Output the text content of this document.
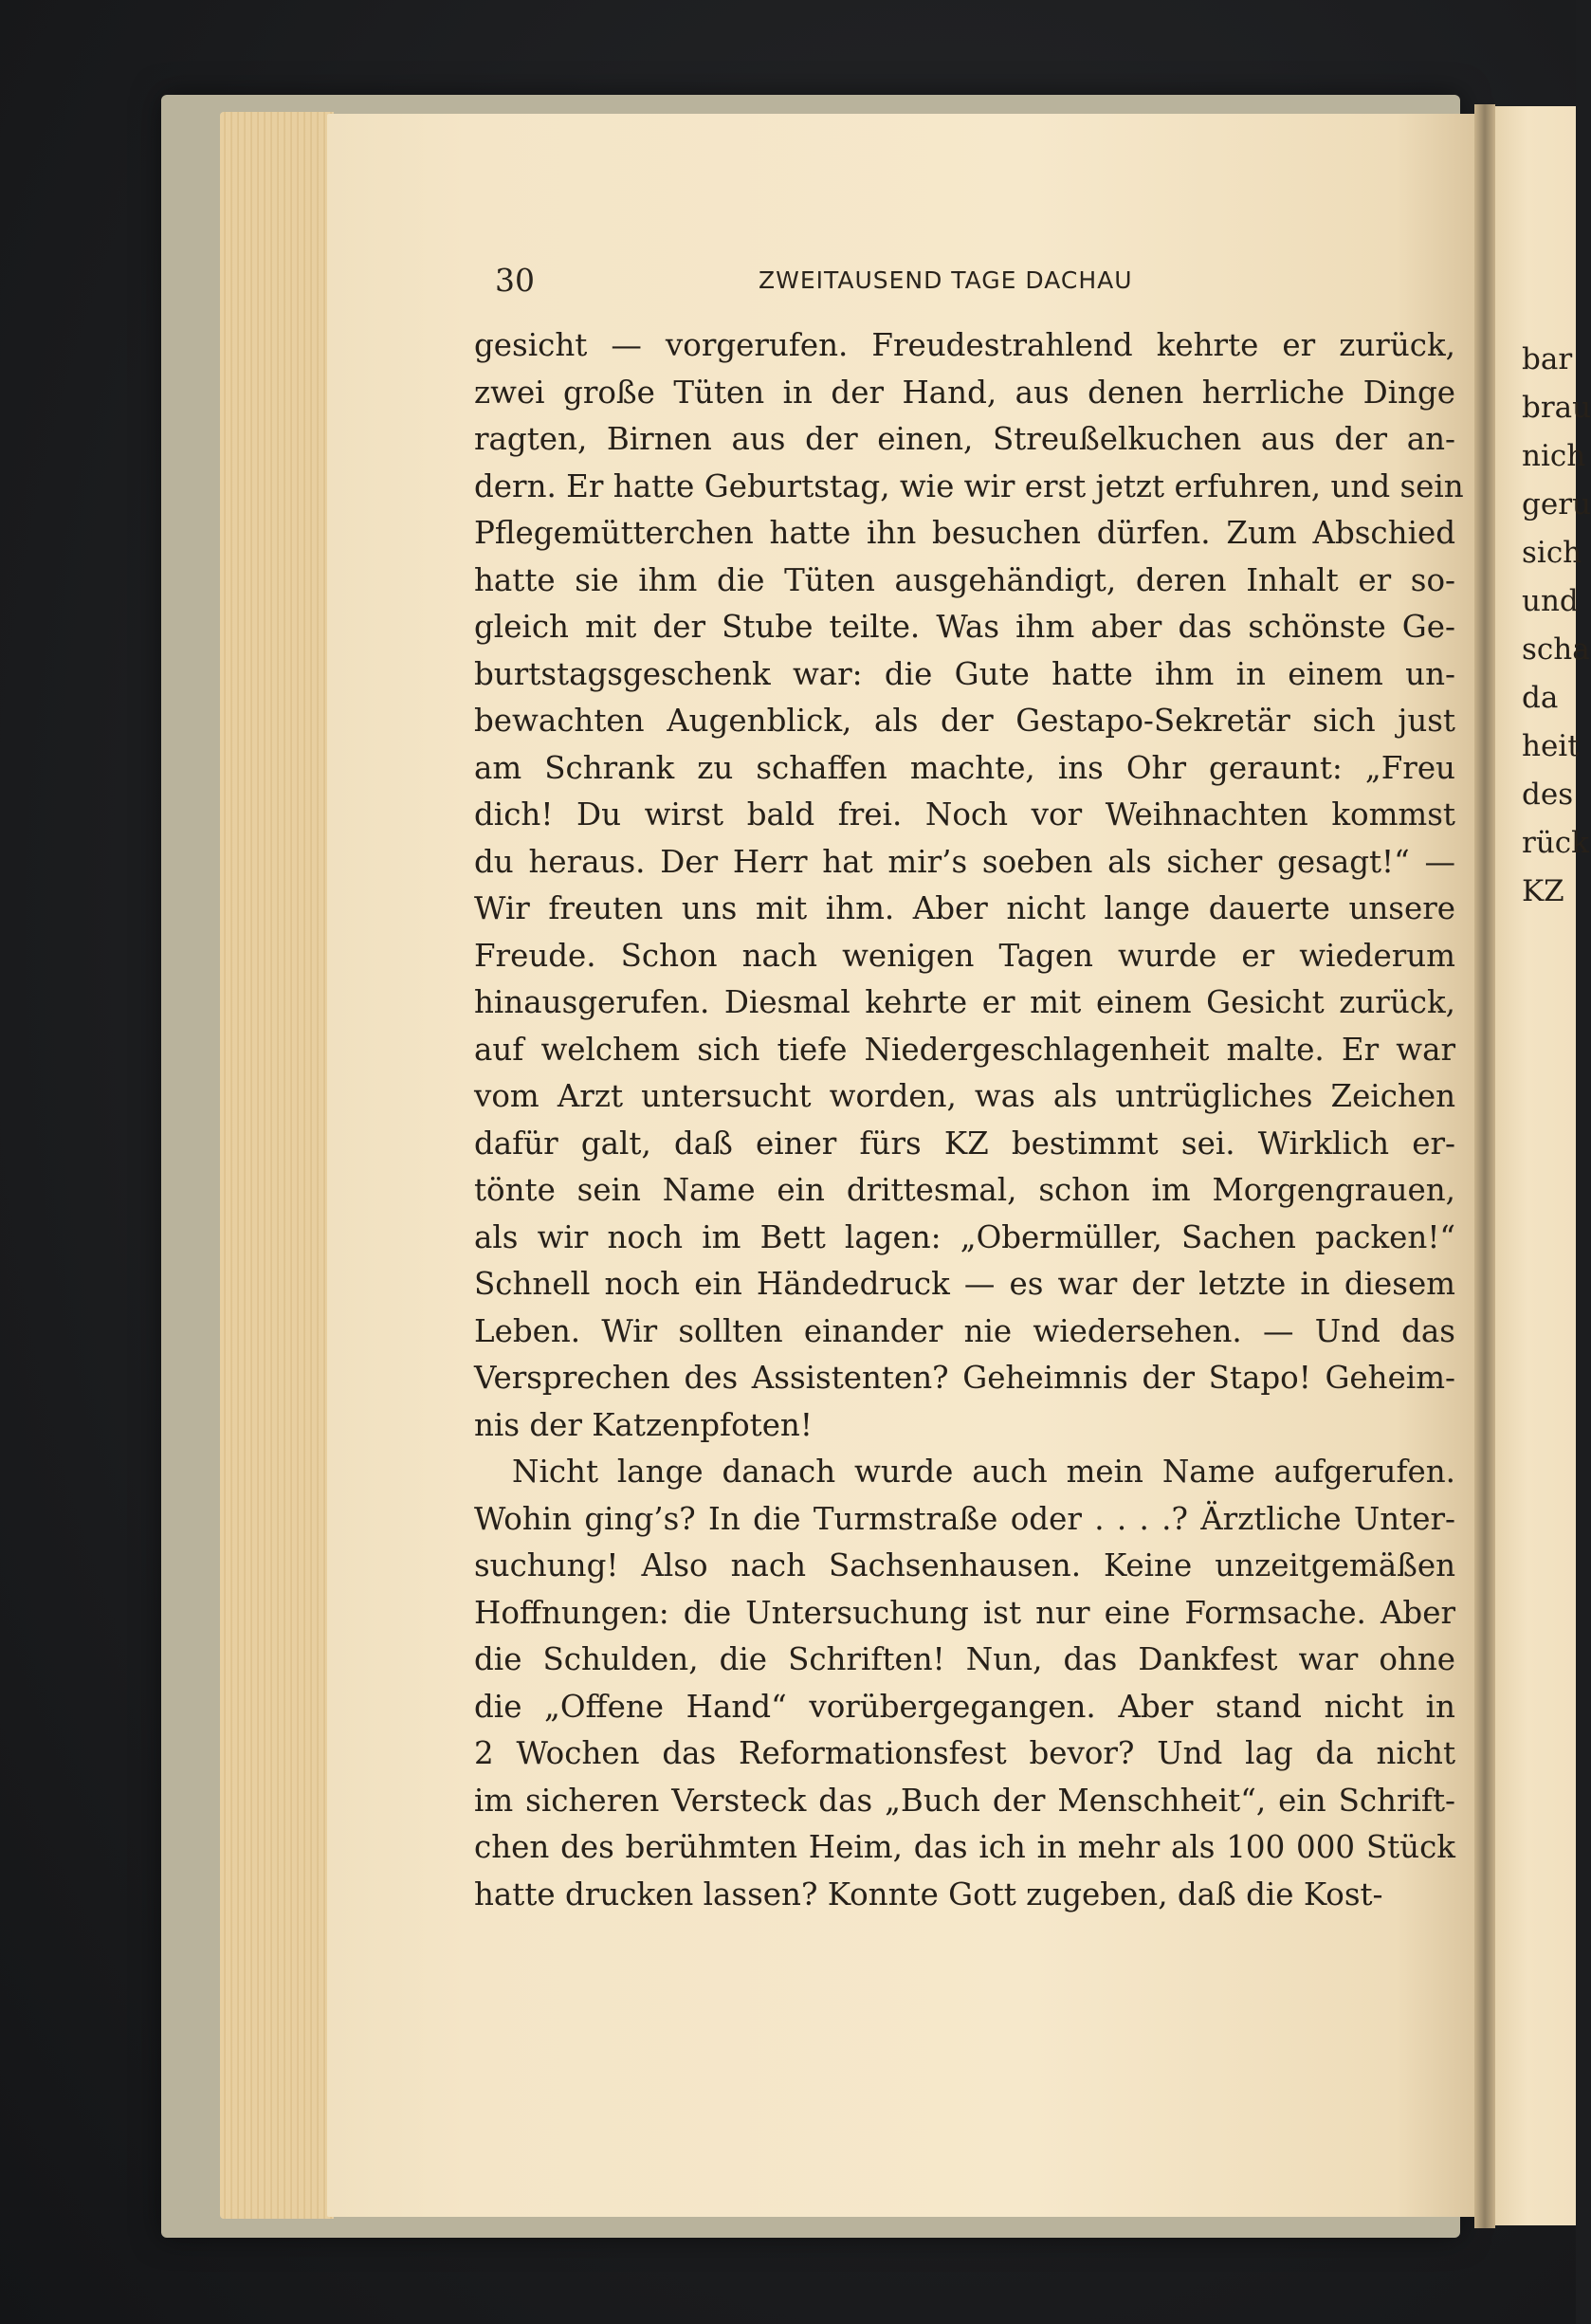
30	ZWEITAUSEND TAGE DACHAU
gesicht — vorgerufen. Freudestrahlend kehrte er zurück,
zwei große Tüten in der Hand, aus denen herrliche Dinge
ragten, Birnen aus der einen, Streußelkuchen aus der an-
dern. Er hatte Geburtstag, wie wir erst jetzt erfuhren, und sein
Pflegemütterchen hatte ihn besuchen dürfen. Zum Abschied
hatte sie ihm die Tüten ausgehändigt, deren Inhalt er so-
gleich mit der Stube teilte. Was ihm aber das schönste Ge-
burtstagsgeschenk war: die Gute hatte ihm in einem un-
bewachten Augenblick, als der Gestapo-Sekretär sich just
am Schrank zu schaffen machte, ins Ohr geraunt: „Freu
dich! Du wirst bald frei. Noch vor Weihnachten kommst
du heraus. Der Herr hat mir’s soeben als sicher gesagt!“ —
Wir freuten uns mit ihm. Aber nicht lange dauerte unsere
Freude. Schon nach wenigen Tagen wurde er wiederum
hinausgerufen. Diesmal kehrte er mit einem Gesicht zurück,
auf welchem sich tiefe Niedergeschlagenheit malte. Er war
vom Arzt untersucht worden, was als untrügliches Zeichen
dafür galt, daß einer fürs KZ bestimmt sei. Wirklich er-
tönte sein Name ein drittesmal, schon im Morgengrauen,
als wir noch im Bett lagen: „Obermüller, Sachen packen!“
Schnell noch ein Händedruck — es war der letzte in diesem
Leben. Wir sollten einander nie wiedersehen. — Und das
Versprechen des Assistenten? Geheimnis der Stapo! Geheim-
nis der Katzenpfoten!
Nicht lange danach wurde auch mein Name aufgerufen.
Wohin ging’s? In die Turmstraße oder . . . .? Ärztliche Unter-
suchung! Also nach Sachsenhausen. Keine unzeitgemäßen
Hoffnungen: die Untersuchung ist nur eine Formsache. Aber
die Schulden, die Schriften! Nun, das Dankfest war ohne
die „Offene Hand“ vorübergegangen. Aber stand nicht in
2 Wochen das Reformationsfest bevor? Und lag da nicht
im sicheren Versteck das „Buch der Menschheit“, ein Schrift-
chen des berühmten Heim, das ich in mehr als 100 000 Stück
hatte drucken lassen? Konnte Gott zugeben, daß die Kost-
bar
brau
nich
geru
sich
und
scha
da
heit
des
rück
KZ
